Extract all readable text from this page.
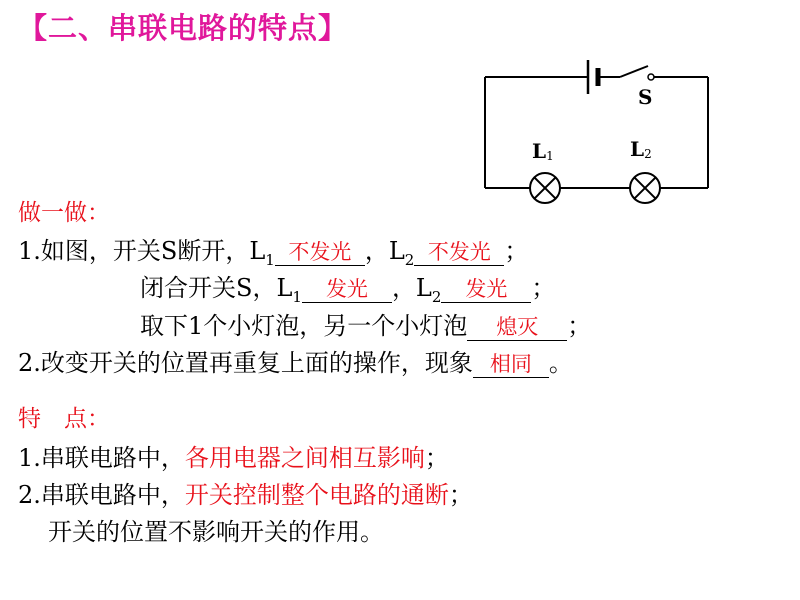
【二、串联电路的特点】
S
L1	L2
做一做：
1.如图，开关S断开，$L_1$ 不发光 ，$L_2$ 不发光 ；
闭合开关S，$L_1$ 发光 ，$L_2$ 发光 ；
取下1个小灯泡，另一个小灯泡 熄灭 ；
2.改变开关的位置再重复上面的操作，现象 相同 。
特　点：
1.串联电路中，各用电器之间相互影响；
2.串联电路中，开关控制整个电路的通断；
开关的位置不影响开关的作用。
